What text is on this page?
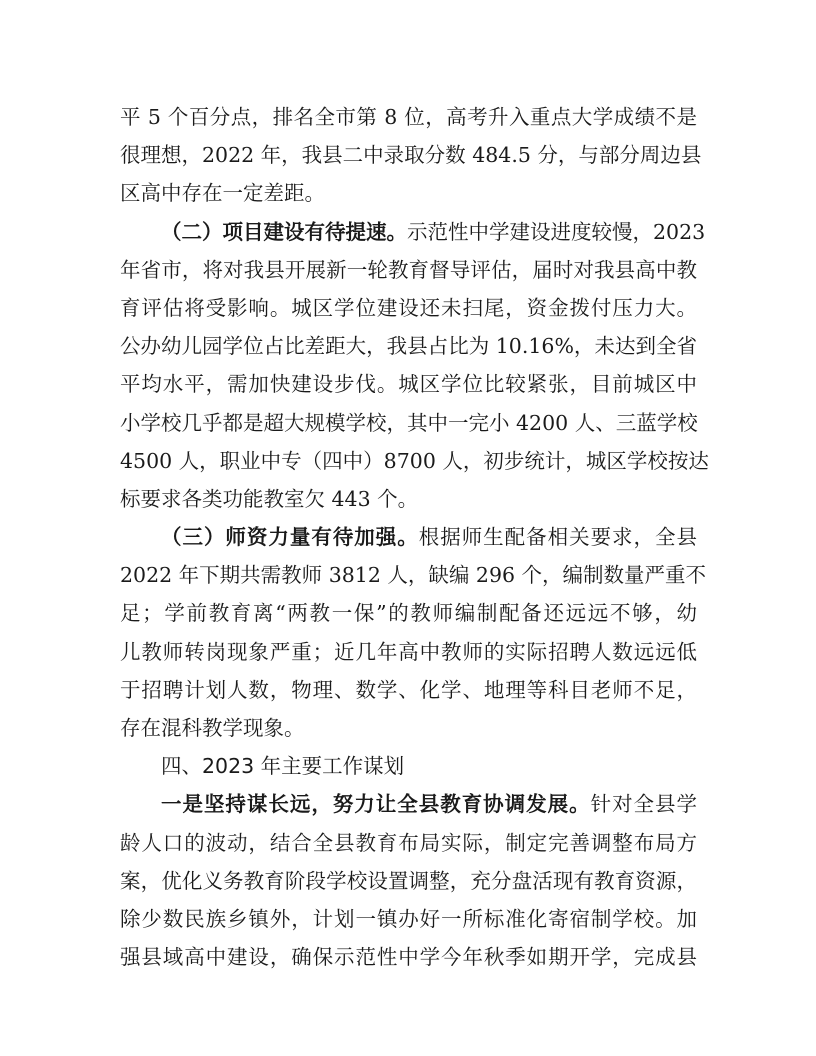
平 5 个百分点，排名全市第 8 位，高考升入重点大学成绩不是
很理想，2022 年，我县二中录取分数 484.5 分，与部分周边县
区高中存在一定差距。
（二）项目建设有待提速。示范性中学建设进度较慢，2023
年省市，将对我县开展新一轮教育督导评估，届时对我县高中教
育评估将受影响。城区学位建设还未扫尾，资金拨付压力大。
公办幼儿园学位占比差距大，我县占比为 10.16%，未达到全省
平均水平，需加快建设步伐。城区学位比较紧张，目前城区中
小学校几乎都是超大规模学校，其中一完小 4200 人、三蓝学校
4500 人，职业中专（四中）8700 人，初步统计，城区学校按达
标要求各类功能教室欠 443 个。
（三）师资力量有待加强。根据师生配备相关要求，全县
2022 年下期共需教师 3812 人，缺编 296 个，编制数量严重不
足；学前教育离“两教一保”的教师编制配备还远远不够，幼
儿教师转岗现象严重；近几年高中教师的实际招聘人数远远低
于招聘计划人数，物理、数学、化学、地理等科目老师不足，
存在混科教学现象。
四、2023 年主要工作谋划
一是坚持谋长远，努力让全县教育协调发展。针对全县学
龄人口的波动，结合全县教育布局实际，制定完善调整布局方
案，优化义务教育阶段学校设置调整，充分盘活现有教育资源，
除少数民族乡镇外，计划一镇办好一所标准化寄宿制学校。加
强县域高中建设，确保示范性中学今年秋季如期开学，完成县
